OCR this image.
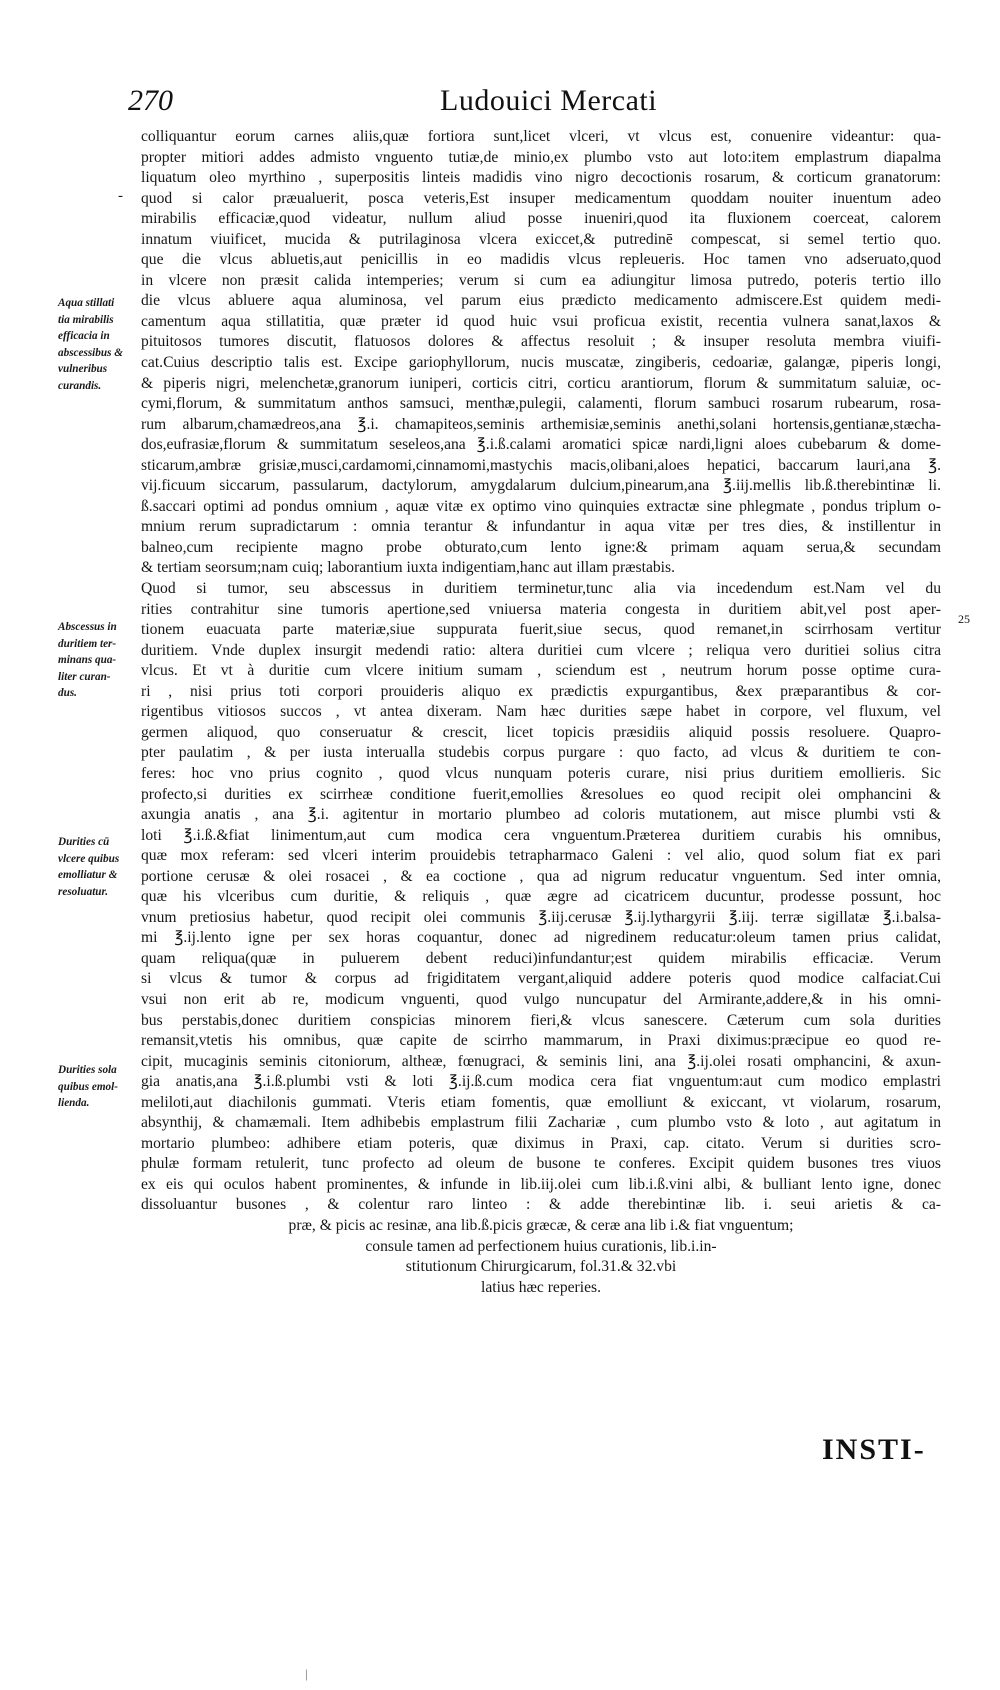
270	Ludouici Mercati
-
25
Aqua stillati
tia mirabilis
efficacia in
abscessibus &
vulneribus
curandis.
Abscessus in
duritiem ter-
minans qua-
liter curan-
dus.
Durities cū
vlcere quibus
emolliatur &
resoluatur.
Durities sola
quibus emol-
lienda.
colliquantur eorum carnes aliis,quæ fortiora sunt,licet vlceri, vt vlcus est, conuenire videantur: qua-
propter mitiori addes admisto vnguento tutiæ,de minio,ex plumbo vsto aut loto:item emplastrum diapalma
liquatum oleo myrthino , superpositis linteis madidis vino nigro decoctionis rosarum, & corticum granatorum:
quod si calor præualuerit, posca veteris,Est insuper medicamentum quoddam nouiter inuentum adeo
mirabilis efficaciæ,quod videatur, nullum aliud posse inueniri,quod ita fluxionem coerceat, calorem
innatum viuificet, mucida & putrilaginosa vlcera exiccet,& putredinē compescat, si semel tertio quo.
que die vlcus abluetis,aut penicillis in eo madidis vlcus repleueris. Hoc tamen vno adseruato,quod
in vlcere non præsit calida intemperies; verum si cum ea adiungitur limosa putredo, poteris tertio illo
die vlcus abluere aqua aluminosa, vel parum eius prædicto medicamento admiscere.Est quidem medi-
camentum aqua stillatitia, quæ præter id quod huic vsui proficua existit, recentia vulnera sanat,laxos &
pituitosos tumores discutit, flatuosos dolores & affectus resoluit ; & insuper resoluta membra viuifi-
cat.Cuius descriptio talis est. Excipe gariophyllorum, nucis muscatæ, zingiberis, cedoariæ, galangæ, piperis longi,
& piperis nigri, melenchetæ,granorum iuniperi, corticis citri, corticu arantiorum, florum & summitatum saluiæ, oc-
cymi,florum, & summitatum anthos samsuci, menthæ,pulegii, calamenti, florum sambuci rosarum rubearum, rosa-
rum albarum,chamædreos,ana ℥.i. chamapiteos,seminis arthemisiæ,seminis anethi,solani hortensis,gentianæ,stæcha-
dos,eufrasiæ,florum & summitatum seseleos,ana ℥.i.ß.calami aromatici spicæ nardi,ligni aloes cubebarum & dome-
sticarum,ambræ grisiæ,musci,cardamomi,cinnamomi,mastychis macis,olibani,aloes hepatici, baccarum lauri,ana ℥.
vij.ficuum siccarum, passularum, dactylorum, amygdalarum dulcium,pinearum,ana ℥.iij.mellis lib.ß.therebintinæ li.
ß.saccari optimi ad pondus omnium , aquæ vitæ ex optimo vino quinquies extractæ sine phlegmate , pondus triplum o-
mnium rerum supradictarum : omnia terantur & infundantur in aqua vitæ per tres dies, & instillentur in
balneo,cum recipiente magno probe obturato,cum lento igne:& primam aquam serua,& secundam
& tertiam seorsum;nam cuiq; laborantium iuxta indigentiam,hanc aut illam præstabis.
Quod si tumor, seu abscessus in duritiem terminetur,tunc alia via incedendum est.Nam vel du
rities contrahitur sine tumoris apertione,sed vniuersa materia congesta in duritiem abit,vel post aper-
tionem euacuata parte materiæ,siue suppurata fuerit,siue secus, quod remanet,in scirrhosam vertitur
duritiem. Vnde duplex insurgit medendi ratio: altera duritiei cum vlcere ; reliqua vero duritiei solius citra
vlcus. Et vt à duritie cum vlcere initium sumam , sciendum est , neutrum horum posse optime cura-
ri , nisi prius toti corpori prouideris aliquo ex prædictis expurgantibus, &ex præparantibus & cor-
rigentibus vitiosos succos , vt antea dixeram. Nam hæc durities sæpe habet in corpore, vel fluxum, vel
germen aliquod, quo conseruatur & crescit, licet topicis præsidiis aliquid possis resoluere. Quapro-
pter paulatim , & per iusta interualla studebis corpus purgare : quo facto, ad vlcus & duritiem te con-
feres: hoc vno prius cognito , quod vlcus nunquam poteris curare, nisi prius duritiem emollieris. Sic
profecto,si durities ex scirrheæ conditione fuerit,emollies &resolues eo quod recipit olei omphancini &
axungia anatis , ana ℥.i. agitentur in mortario plumbeo ad coloris mutationem, aut misce plumbi vsti &
loti ℥.i.ß.&fiat linimentum,aut cum modica cera vnguentum.Præterea duritiem curabis his omnibus,
quæ mox referam: sed vlceri interim prouidebis tetrapharmaco Galeni : vel alio, quod solum fiat ex pari
portione cerusæ & olei rosacei , & ea coctione , qua ad nigrum reducatur vnguentum. Sed inter omnia,
quæ his vlceribus cum duritie, & reliquis , quæ ægre ad cicatricem ducuntur, prodesse possunt, hoc
vnum pretiosius habetur, quod recipit olei communis ℥.iij.cerusæ ℥.ij.lythargyrii ℥.iij. terræ sigillatæ ℥.i.balsa-
mi ℥.ij.lento igne per sex horas coquantur, donec ad nigredinem reducatur:oleum tamen prius calidat,
quam reliqua(quæ in puluerem debent reduci)infundantur;est quidem mirabilis efficaciæ. Verum
si vlcus & tumor & corpus ad frigiditatem vergant,aliquid addere poteris quod modice calfaciat.Cui
vsui non erit ab re, modicum vnguenti, quod vulgo nuncupatur del Armirante,addere,& in his omni-
bus perstabis,donec duritiem conspicias minorem fieri,& vlcus sanescere. Cæterum cum sola durities
remansit,vtetis his omnibus, quæ capite de scirrho mammarum, in Praxi diximus:præcipue eo quod re-
cipit, mucaginis seminis citoniorum, altheæ, fœnugraci, & seminis lini, ana ℥.ij.olei rosati omphancini, & axun-
gia anatis,ana ℥.i.ß.plumbi vsti & loti ℥.ij.ß.cum modica cera fiat vnguentum:aut cum modico emplastri
meliloti,aut diachilonis gummati. Vteris etiam fomentis, quæ emolliunt & exiccant, vt violarum, rosarum,
absynthij, & chamæmali. Item adhibebis emplastrum filii Zachariæ , cum plumbo vsto & loto , aut agitatum in
mortario plumbeo: adhibere etiam poteris, quæ diximus in Praxi, cap. citato. Verum si durities scro-
phulæ formam retulerit, tunc profecto ad oleum de busone te conferes. Excipit quidem busones tres viuos
ex eis qui oculos habent prominentes, & infunde in lib.iij.olei cum lib.i.ß.vini albi, & bulliant lento igne, donec
dissoluantur busones , & colentur raro linteo : & adde therebintinæ lib. i. seui arietis & ca-
præ, & picis ac resinæ, ana lib.ß.picis græcæ, & ceræ ana lib i.& fiat vnguentum;
consule tamen ad perfectionem huius curationis, lib.i.in-
stitutionum Chirurgicarum, fol.31.& 32.vbi
latius hæc reperies.
INSTI-
|
